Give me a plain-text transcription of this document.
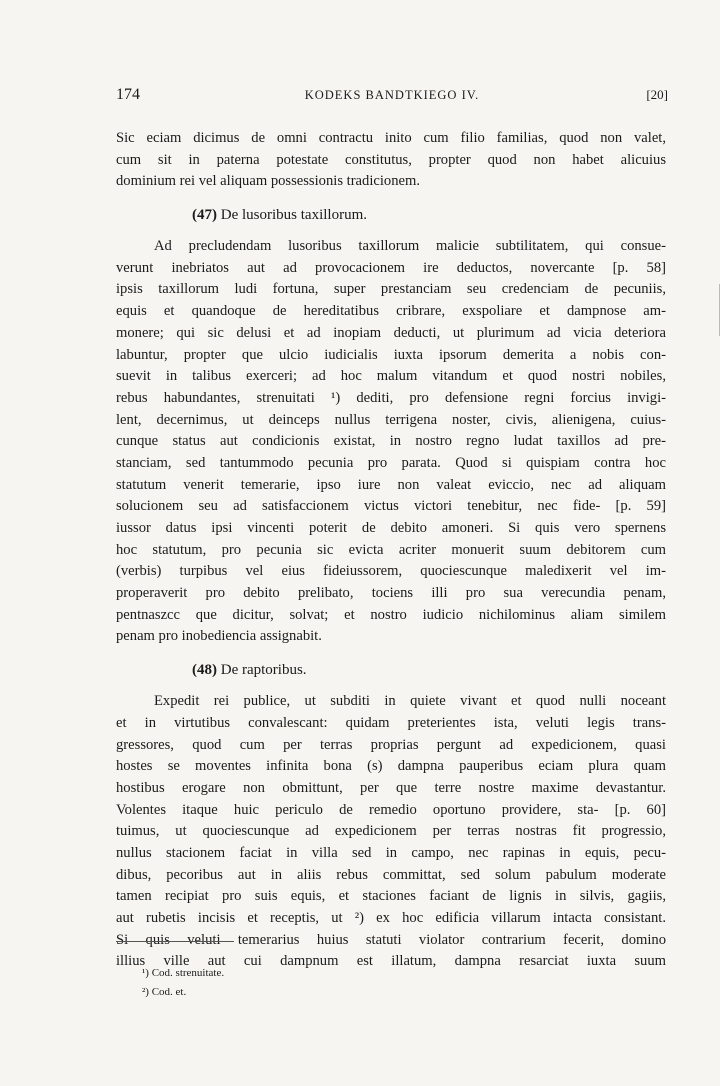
174	KODEKS BANDTKIEGO IV.	[20]
Sic eciam dicimus de omni contractu inito cum filio familias, quod non valet,
cum sit in paterna potestate constitutus, propter quod non habet alicuius
dominium rei vel aliquam possessionis tradicionem.
(47) De lusoribus taxillorum.
Ad precludendam lusoribus taxillorum malicie subtilitatem, qui consue-
verunt inebriatos aut ad provocacionem ire deductos, novercante [p. 58]
ipsis taxillorum ludi fortuna, super prestanciam seu credenciam de pecuniis,
equis et quandoque de hereditatibus cribrare, exspoliare et dampnose am-
monere; qui sic delusi et ad inopiam deducti, ut plurimum ad vicia deteriora
labuntur, propter que ulcio iudicialis iuxta ipsorum demerita a nobis con-
suevit in talibus exerceri; ad hoc malum vitandum et quod nostri nobiles,
rebus habundantes, strenuitati ¹) dediti, pro defensione regni forcius invigi-
lent, decernimus, ut deinceps nullus terrigena noster, civis, alienigena, cuius-
cunque status aut condicionis existat, in nostro regno ludat taxillos ad pre-
stanciam, sed tantummodo pecunia pro parata. Quod si quispiam contra hoc
statutum venerit temerarie, ipso iure non valeat eviccio, nec ad aliquam
solucionem seu ad satisfaccionem victus victori tenebitur, nec fide- [p. 59]
iussor datus ipsi vincenti poterit de debito amoneri. Si quis vero spernens
hoc statutum, pro pecunia sic evicta acriter monuerit suum debitorem cum
(verbis) turpibus vel eius fideiussorem, quociescunque maledixerit vel im-
properaverit pro debito prelibato, tociens illi pro sua verecundia penam,
pentnaszcc que dicitur, solvat; et nostro iudicio nichilominus aliam similem
penam pro inobediencia assignabit.
(48) De raptoribus.
Expedit rei publice, ut subditi in quiete vivant et quod nulli noceant
et in virtutibus convalescant: quidam preterientes ista, veluti legis trans-
gressores, quod cum per terras proprias pergunt ad expedicionem, quasi
hostes se moventes infinita bona (s) dampna pauperibus eciam plura quam
hostibus erogare non obmittunt, per que terre nostre maxime devastantur.
Volentes itaque huic periculo de remedio oportuno providere, sta- [p. 60]
tuimus, ut quociescunque ad expedicionem per terras nostras fit progressio,
nullus stacionem faciat in villa sed in campo, nec rapinas in equis, pecu-
dibus, pecoribus aut in aliis rebus committat, sed solum pabulum moderate
tamen recipiat pro suis equis, et staciones faciant de lignis in silvis, gagiis,
aut rubetis incisis et receptis, ut ²) ex hoc edificia villarum intacta consistant.
Si quis veluti temerarius huius statuti violator contrarium fecerit, domino
illius ville aut cui dampnum est illatum, dampna resarciat iuxta suum
¹) Cod. strenuitate.
²) Cod. et.
